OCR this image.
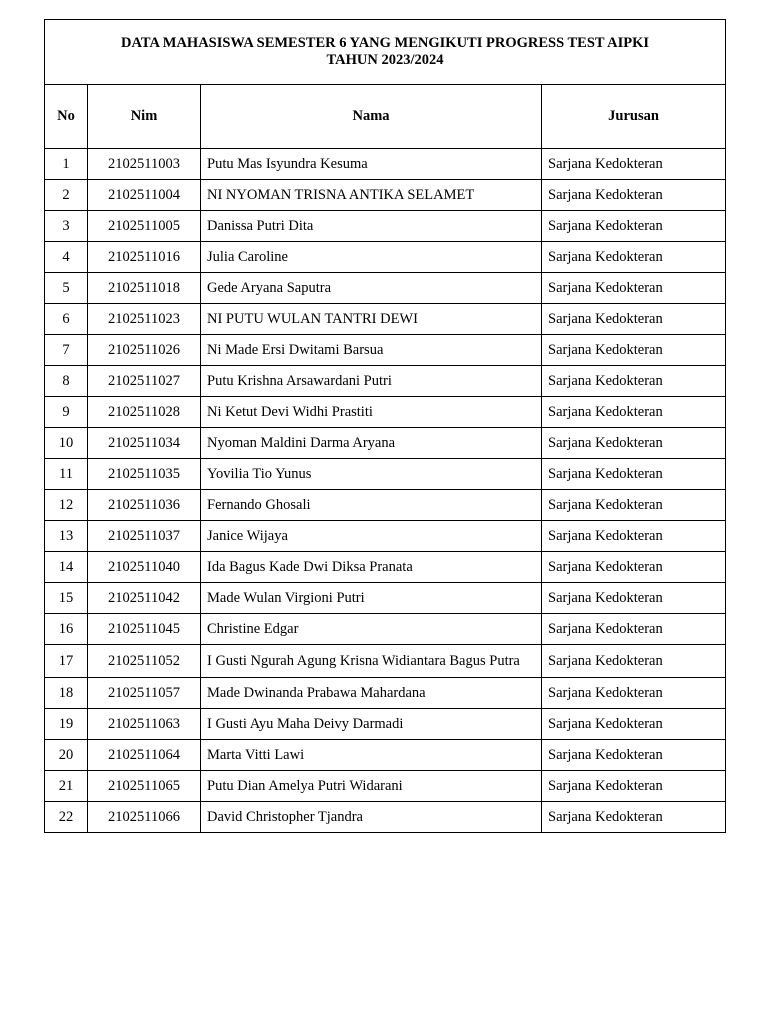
DATA MAHASISWA SEMESTER 6 YANG MENGIKUTI PROGRESS TEST AIPKI
TAHUN 2023/2024			

No	Nim	Nama	Jurusan
1	2102511003	Putu Mas Isyundra Kesuma	Sarjana Kedokteran
2	2102511004	NI NYOMAN TRISNA ANTIKA SELAMET	Sarjana Kedokteran
3	2102511005	Danissa Putri Dita	Sarjana Kedokteran
4	2102511016	Julia Caroline	Sarjana Kedokteran
5	2102511018	Gede Aryana Saputra	Sarjana Kedokteran
6	2102511023	NI PUTU WULAN TANTRI DEWI	Sarjana Kedokteran
7	2102511026	Ni Made Ersi Dwitami Barsua	Sarjana Kedokteran
8	2102511027	Putu Krishna Arsawardani Putri	Sarjana Kedokteran
9	2102511028	Ni Ketut Devi Widhi Prastiti	Sarjana Kedokteran
10	2102511034	Nyoman Maldini Darma Aryana	Sarjana Kedokteran
11	2102511035	Yovilia Tio Yunus	Sarjana Kedokteran
12	2102511036	Fernando Ghosali	Sarjana Kedokteran
13	2102511037	Janice Wijaya	Sarjana Kedokteran
14	2102511040	Ida Bagus Kade Dwi Diksa Pranata	Sarjana Kedokteran
15	2102511042	Made Wulan Virgioni Putri	Sarjana Kedokteran
16	2102511045	Christine Edgar	Sarjana Kedokteran
17	2102511052	I Gusti Ngurah Agung Krisna Widiantara Bagus Putra	Sarjana Kedokteran
18	2102511057	Made Dwinanda Prabawa Mahardana	Sarjana Kedokteran
19	2102511063	I Gusti Ayu Maha Deivy Darmadi	Sarjana Kedokteran
20	2102511064	Marta Vitti Lawi	Sarjana Kedokteran
21	2102511065	Putu Dian Amelya Putri Widarani	Sarjana Kedokteran
22	2102511066	David Christopher Tjandra	Sarjana Kedokteran
